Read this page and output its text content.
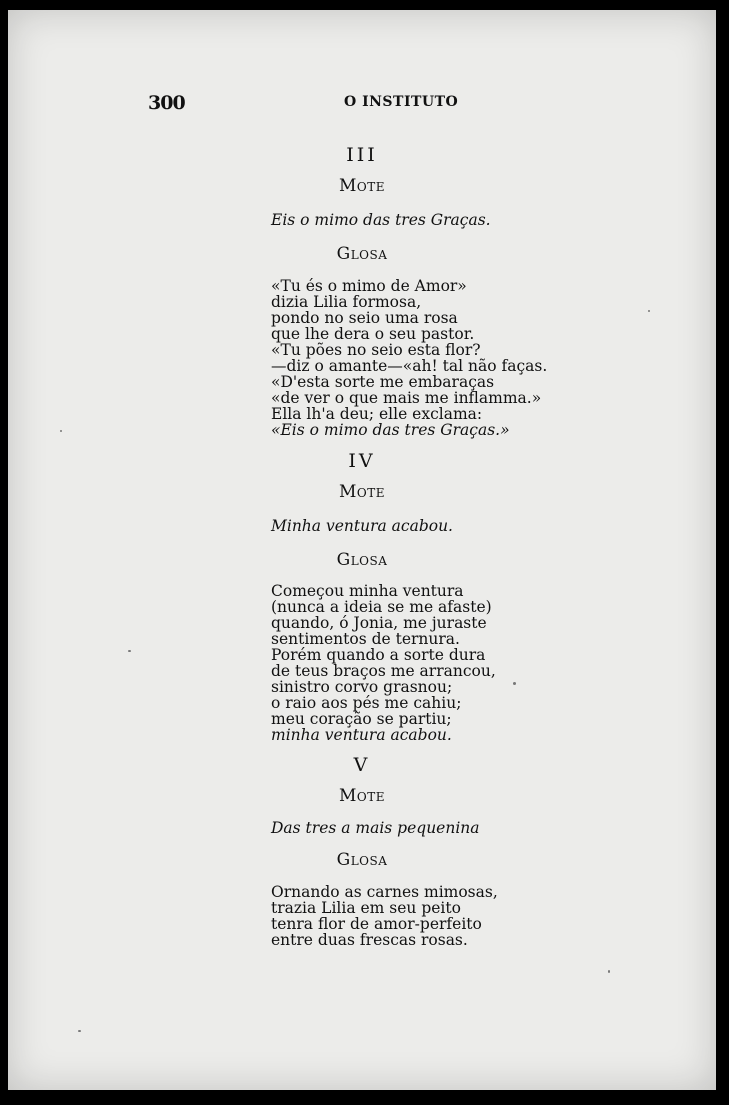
300	O INSTITUTO
III
Mote
Eis o mimo das tres Graças.
Glosa
«Tu és o mimo de Amor»
dizia Lilia formosa,
pondo no seio uma rosa
que lhe dera o seu pastor.
«Tu pões no seio esta flor?
—diz o amante—«ah! tal não faças.
«D'esta sorte me embaraças
«de ver o que mais me inflamma.»
Ella lh'a deu; elle exclama:
«Eis o mimo das tres Graças.»
IV
Mote
Minha ventura acabou.
Glosa
Começou minha ventura
(nunca a ideia se me afaste)
quando, ó Jonia, me juraste
sentimentos de ternura.
Porém quando a sorte dura
de teus braços me arrancou,
sinistro corvo grasnou;
o raio aos pés me cahiu;
meu coração se partiu;
minha ventura acabou.
V
Mote
Das tres a mais pequenina
Glosa
Ornando as carnes mimosas,
trazia Lilia em seu peito
tenra flor de amor-perfeito
entre duas frescas rosas.
